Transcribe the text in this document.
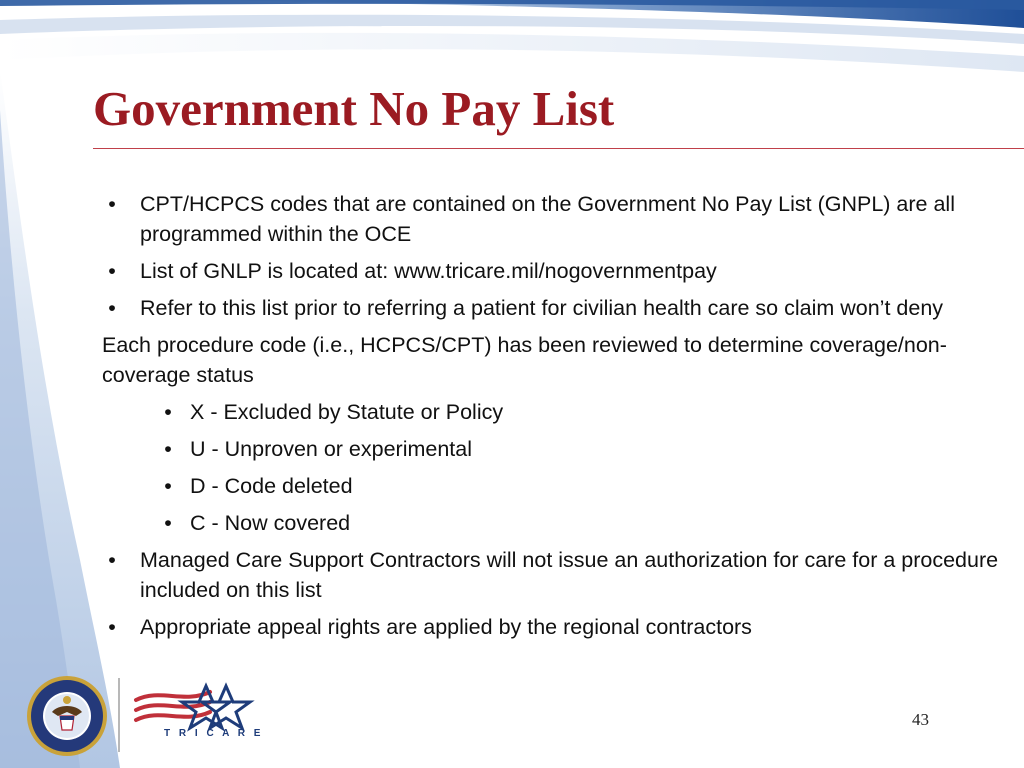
Government No Pay List
• CPT/HCPCS codes that are contained on the Government No Pay List (GNPL) are all programmed within the OCE
• List of GNLP is located at: www.tricare.mil/nogovernmentpay
• Refer to this list prior to referring a patient for civilian health care so claim won’t deny
Each procedure code (i.e., HCPCS/CPT) has been reviewed to determine coverage/non-coverage status
• X - Excluded by Statute or Policy
• U - Unproven or experimental
• D - Code deleted
• C - Now covered
• Managed Care Support Contractors will not issue an authorization for care for a procedure included on this list
• Appropriate appeal rights are applied by the regional contractors
T R I C A R E
43
